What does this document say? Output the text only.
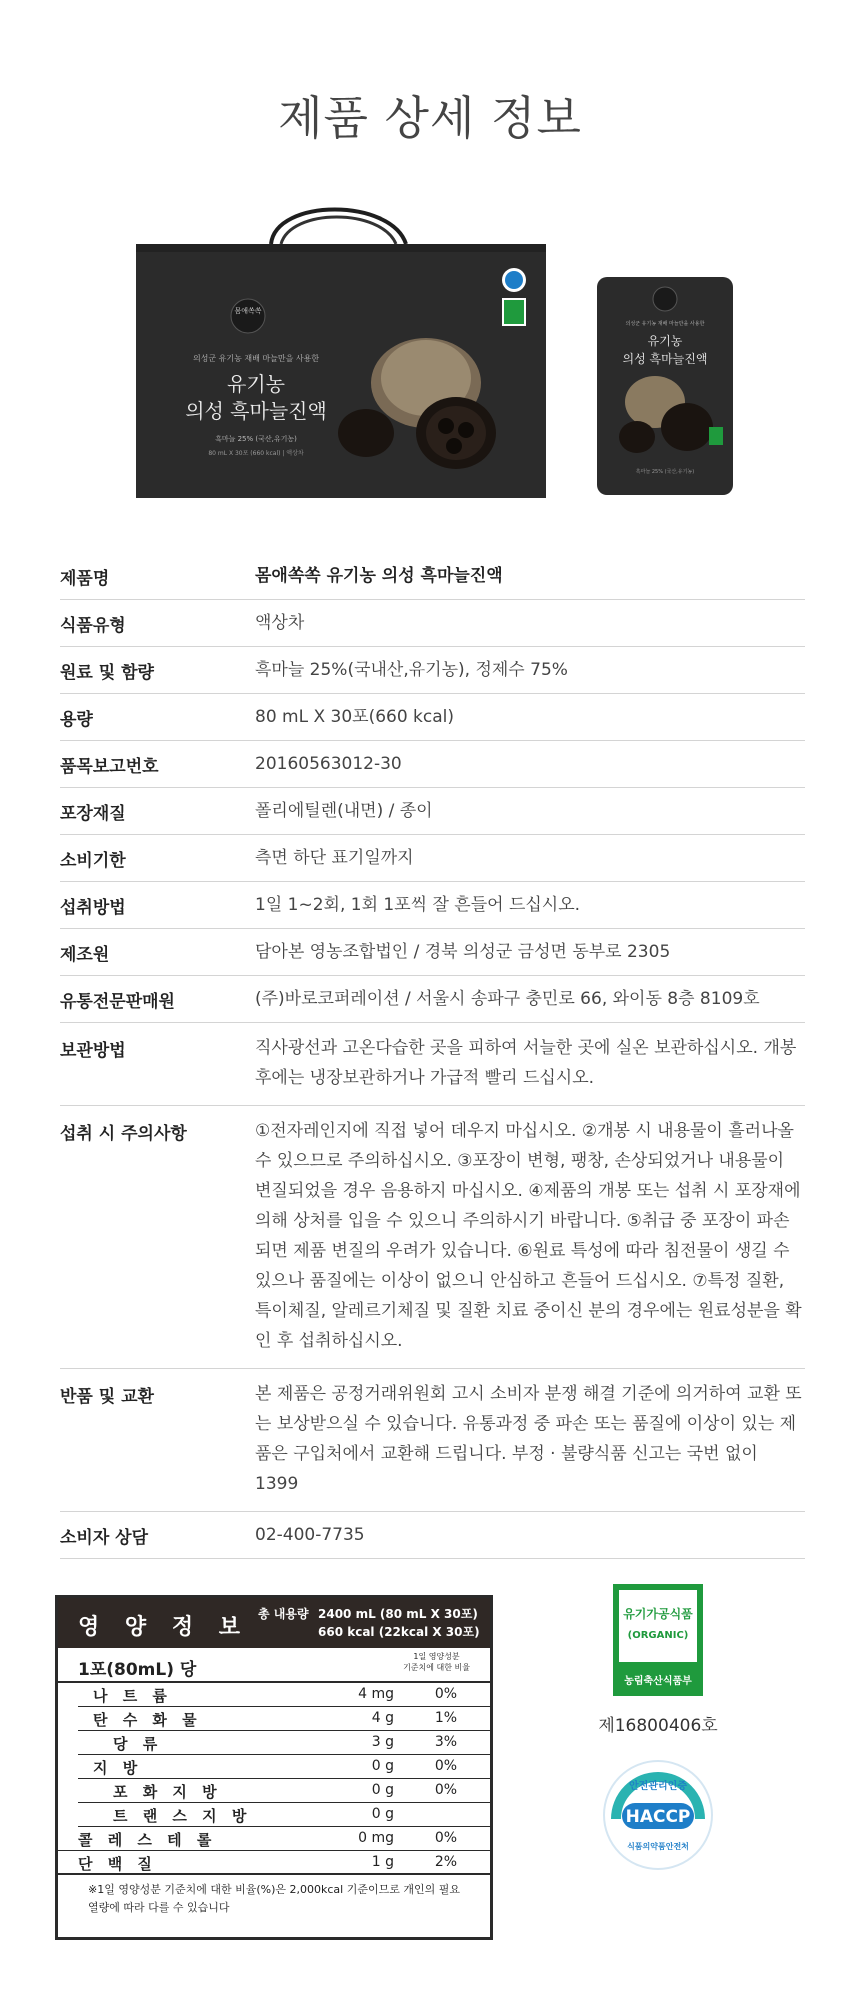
제품 상세 정보
몸애쏙쏙
의성군 유기농 재배 마늘만을 사용한
유기농
의성 흑마늘진액
흑마늘 25% (국산,유기농)
80 mL X 30포 (660 kcal) | 액상차
의성군 유기농 재배 마늘만을 사용한
유기농
의성 흑마늘진액
흑마늘 25% (국산,유기농)
제품명	몸애쏙쏙 유기농 의성 흑마늘진액
식품유형	액상차
원료 및 함량	흑마늘 25%(국내산,유기농), 정제수 75%
용량	80 mL X 30포(660 kcal)
품목보고번호	20160563012-30
포장재질	폴리에틸렌(내면) / 종이
소비기한	측면 하단 표기일까지
섭취방법	1일 1~2회, 1회 1포씩 잘 흔들어 드십시오.
제조원	담아본 영농조합법인 / 경북 의성군 금성면 동부로 2305
유통전문판매원	(주)바로코퍼레이션 / 서울시 송파구 충민로 66, 와이동 8층 8109호
보관방법	직사광선과 고온다습한 곳을 피하여 서늘한 곳에 실온 보관하십시오. 개봉 후에는 냉장보관하거나 가급적 빨리 드십시오.
섭취 시 주의사항	①전자레인지에 직접 넣어 데우지 마십시오. ②개봉 시 내용물이 흘러나올 수 있으므로 주의하십시오. ③포장이 변형, 팽창, 손상되었거나 내용물이 변질되었을 경우 음용하지 마십시오. ④제품의 개봉 또는 섭취 시 포장재에 의해 상처를 입을 수 있으니 주의하시기 바랍니다. ⑤취급 중 포장이 파손되면 제품 변질의 우려가 있습니다. ⑥원료 특성에 따라 침전물이 생길 수 있으나 품질에는 이상이 없으니 안심하고 흔들어 드십시오. ⑦특정 질환, 특이체질, 알레르기체질 및 질환 치료 중이신 분의 경우에는 원료성분을 확인 후 섭취하십시오.
반품 및 교환	본 제품은 공정거래위원회 고시 소비자 분쟁 해결 기준에 의거하여 교환 또는 보상받으실 수 있습니다. 유통과정 중 파손 또는 품질에 이상이 있는 제품은 구입처에서 교환해 드립니다. 부정 · 불량식품 신고는 국번 없이 1399
소비자 상담	02-400-7735
영 양 정 보
총 내용량 2400 mL (80 mL X 30포)
660 kcal (22kcal X 30포)
1포(80mL) 당
1일 영양성분
기준치에 대한 비율
나 트 륨	4 mg	0%
탄 수 화 물	4 g	1%
당 류	3 g	3%
지 방	0 g	0%
포 화 지 방	0 g	0%
트 랜 스 지 방	0 g
콜 레 스 테 롤	0 mg	0%
단 백 질	1 g	2%
※1일 영양성분 기준치에 대한 비율(%)은 2,000kcal 기준이므로 개인의 필요 열량에 따라 다를 수 있습니다
유기가공식품
(ORGANIC)
농림축산식품부
제16800406호
안전관리인증
HACCP
식품의약품안전처
